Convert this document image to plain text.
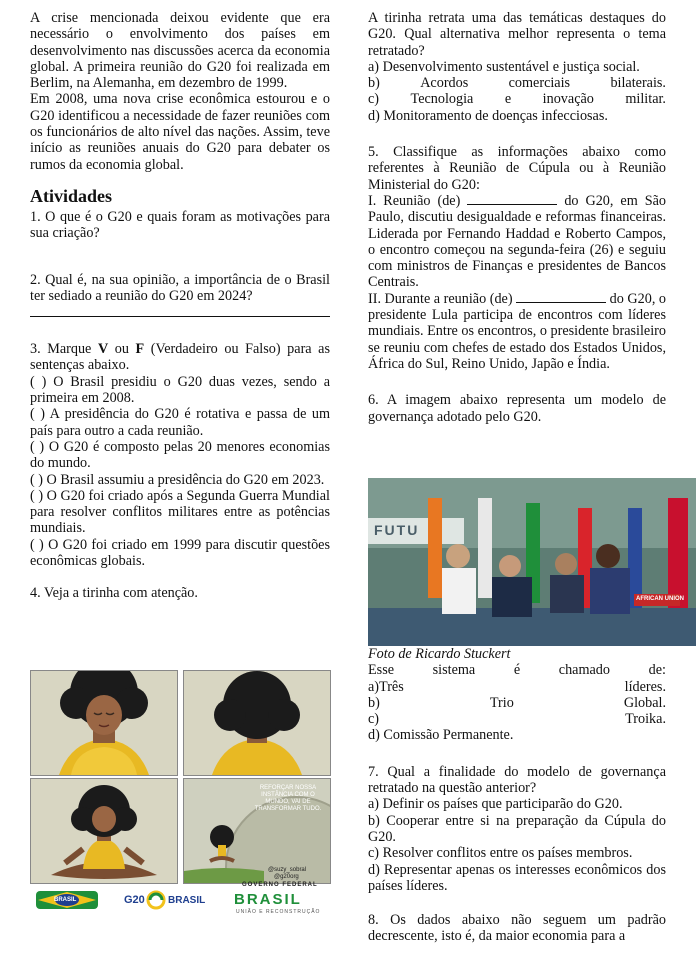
A crise mencionada deixou evidente que era necessário o envolvimento dos países em desenvolvimento nas discussões acerca da economia global. A primeira reunião do G20 foi realizada em Berlim, na Alemanha, em dezembro de 1999.

Em 2008, uma nova crise econômica estourou e o G20 identificou a necessidade de fazer reuniões com os funcionários de alto nível das nações. Assim, teve início as reuniões anuais do G20 para debater os rumos da economia global.

Atividades

1. O que é o G20 e quais foram as motivações para sua criação?

2. Qual é, na sua opinião, a importância de o Brasil ter sediado a reunião do G20 em 2024?

3. Marque V ou F (Verdadeiro ou Falso) para as sentenças abaixo.

( ) O Brasil presidiu o G20 duas vezes, sendo a primeira em 2008.

( ) A presidência do G20 é rotativa e passa de um país para outro a cada reunião.

( ) O G20 é composto pelas 20 menores economias do mundo.

( ) O Brasil assumiu a presidência do G20 em 2023.

( ) O G20 foi criado após a Segunda Guerra Mundial para resolver conflitos militares entre as potências mundiais.

( ) O G20 foi criado em 1999 para discutir questões econômicas globais.

4. Veja a tirinha com atenção.

REFORÇAR NOSSA INSTÂNCIA COM O MUNDO, VAI DE TRANSFORMAR TUDO.
@suzy_sobral
@g20org
BRASIL	G20 BRASIL
GOVERNO FEDERAL
BRASIL
UNIÃO E RECONSTRUÇÃO

A tirinha retrata uma das temáticas destaques do G20. Qual alternativa melhor representa o tema retratado?

a) Desenvolvimento sustentável e justiça social.

b)	Acordos	comerciais	bilaterais.
c) Tecnologia e inovação militar.

d) Monitoramento de doenças infecciosas.

5. Classifique as informações abaixo como referentes à Reunião de Cúpula ou à Reunião Ministerial do G20:

I. Reunião (de)	do G20, em São Paulo, discutiu desigualdade e reformas financeiras. Liderada por Fernando Haddad e Roberto Campos, o encontro começou na segunda-feira (26) e seguiu com ministros de Finanças e presidentes de Bancos Centrais.

II. Durante a reunião (de)	do G20, o presidente Lula participa de encontros com líderes mundiais. Entre os encontros, o presidente brasileiro se reuniu com chefes de estado dos Estados Unidos, África do Sul, Reino Unido, Japão e Índia.

6. A imagem abaixo representa um modelo de governança adotado pelo G20.

FUTU
AFRICAN UNION

Foto de Ricardo Stuckert

Esse	sistema	é	chamado	de:
a)Três	líderes.
b)	Trio	Global.
c)	Troika.

d) Comissão Permanente.

7. Qual a finalidade do modelo de governança retratado na questão anterior?

a) Definir os países que participarão do G20.

b) Cooperar entre si na preparação da Cúpula do G20.

c) Resolver conflitos entre os países membros.

d) Representar apenas os interesses econômicos dos países líderes.

8. Os dados abaixo não seguem um padrão decrescente, isto é, da maior economia para a
